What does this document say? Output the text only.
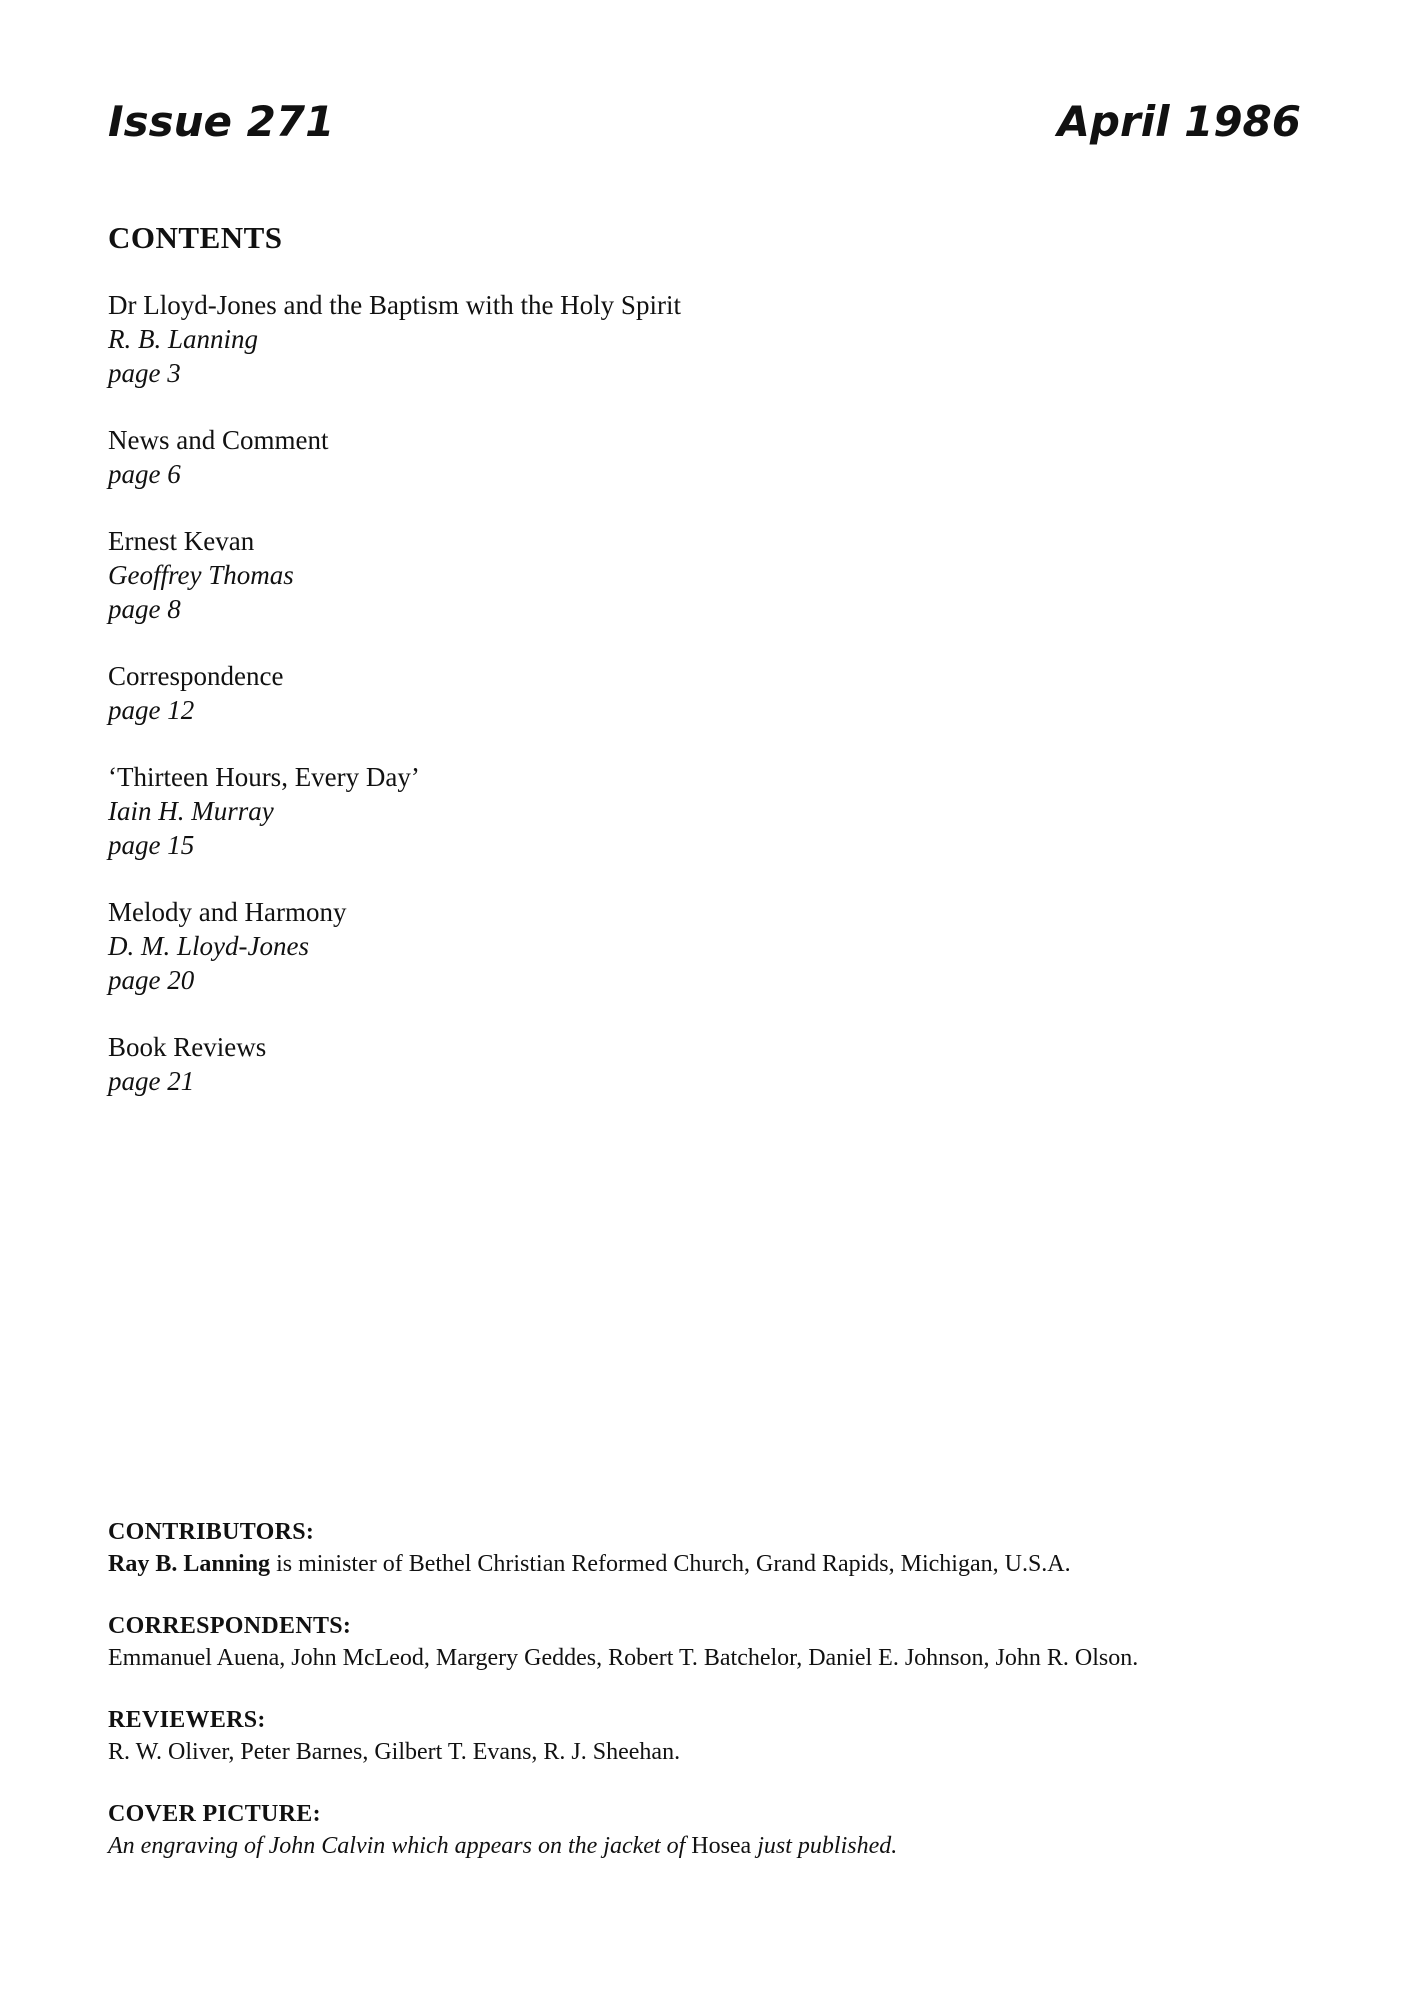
Issue 271	April 1986
CONTENTS
Dr Lloyd-Jones and the Baptism with the Holy Spirit
R. B. Lanning
page 3
News and Comment
page 6
Ernest Kevan
Geoffrey Thomas
page 8
Correspondence
page 12
‘Thirteen Hours, Every Day’
Iain H. Murray
page 15
Melody and Harmony
D. M. Lloyd-Jones
page 20
Book Reviews
page 21
CONTRIBUTORS:
Ray B. Lanning is minister of Bethel Christian Reformed Church, Grand Rapids, Michigan, U.S.A.
CORRESPONDENTS:
Emmanuel Auena, John McLeod, Margery Geddes, Robert T. Batchelor, Daniel E. Johnson, John R. Olson.
REVIEWERS:
R. W. Oliver, Peter Barnes, Gilbert T. Evans, R. J. Sheehan.
COVER PICTURE:
An engraving of John Calvin which appears on the jacket of Hosea just published.
